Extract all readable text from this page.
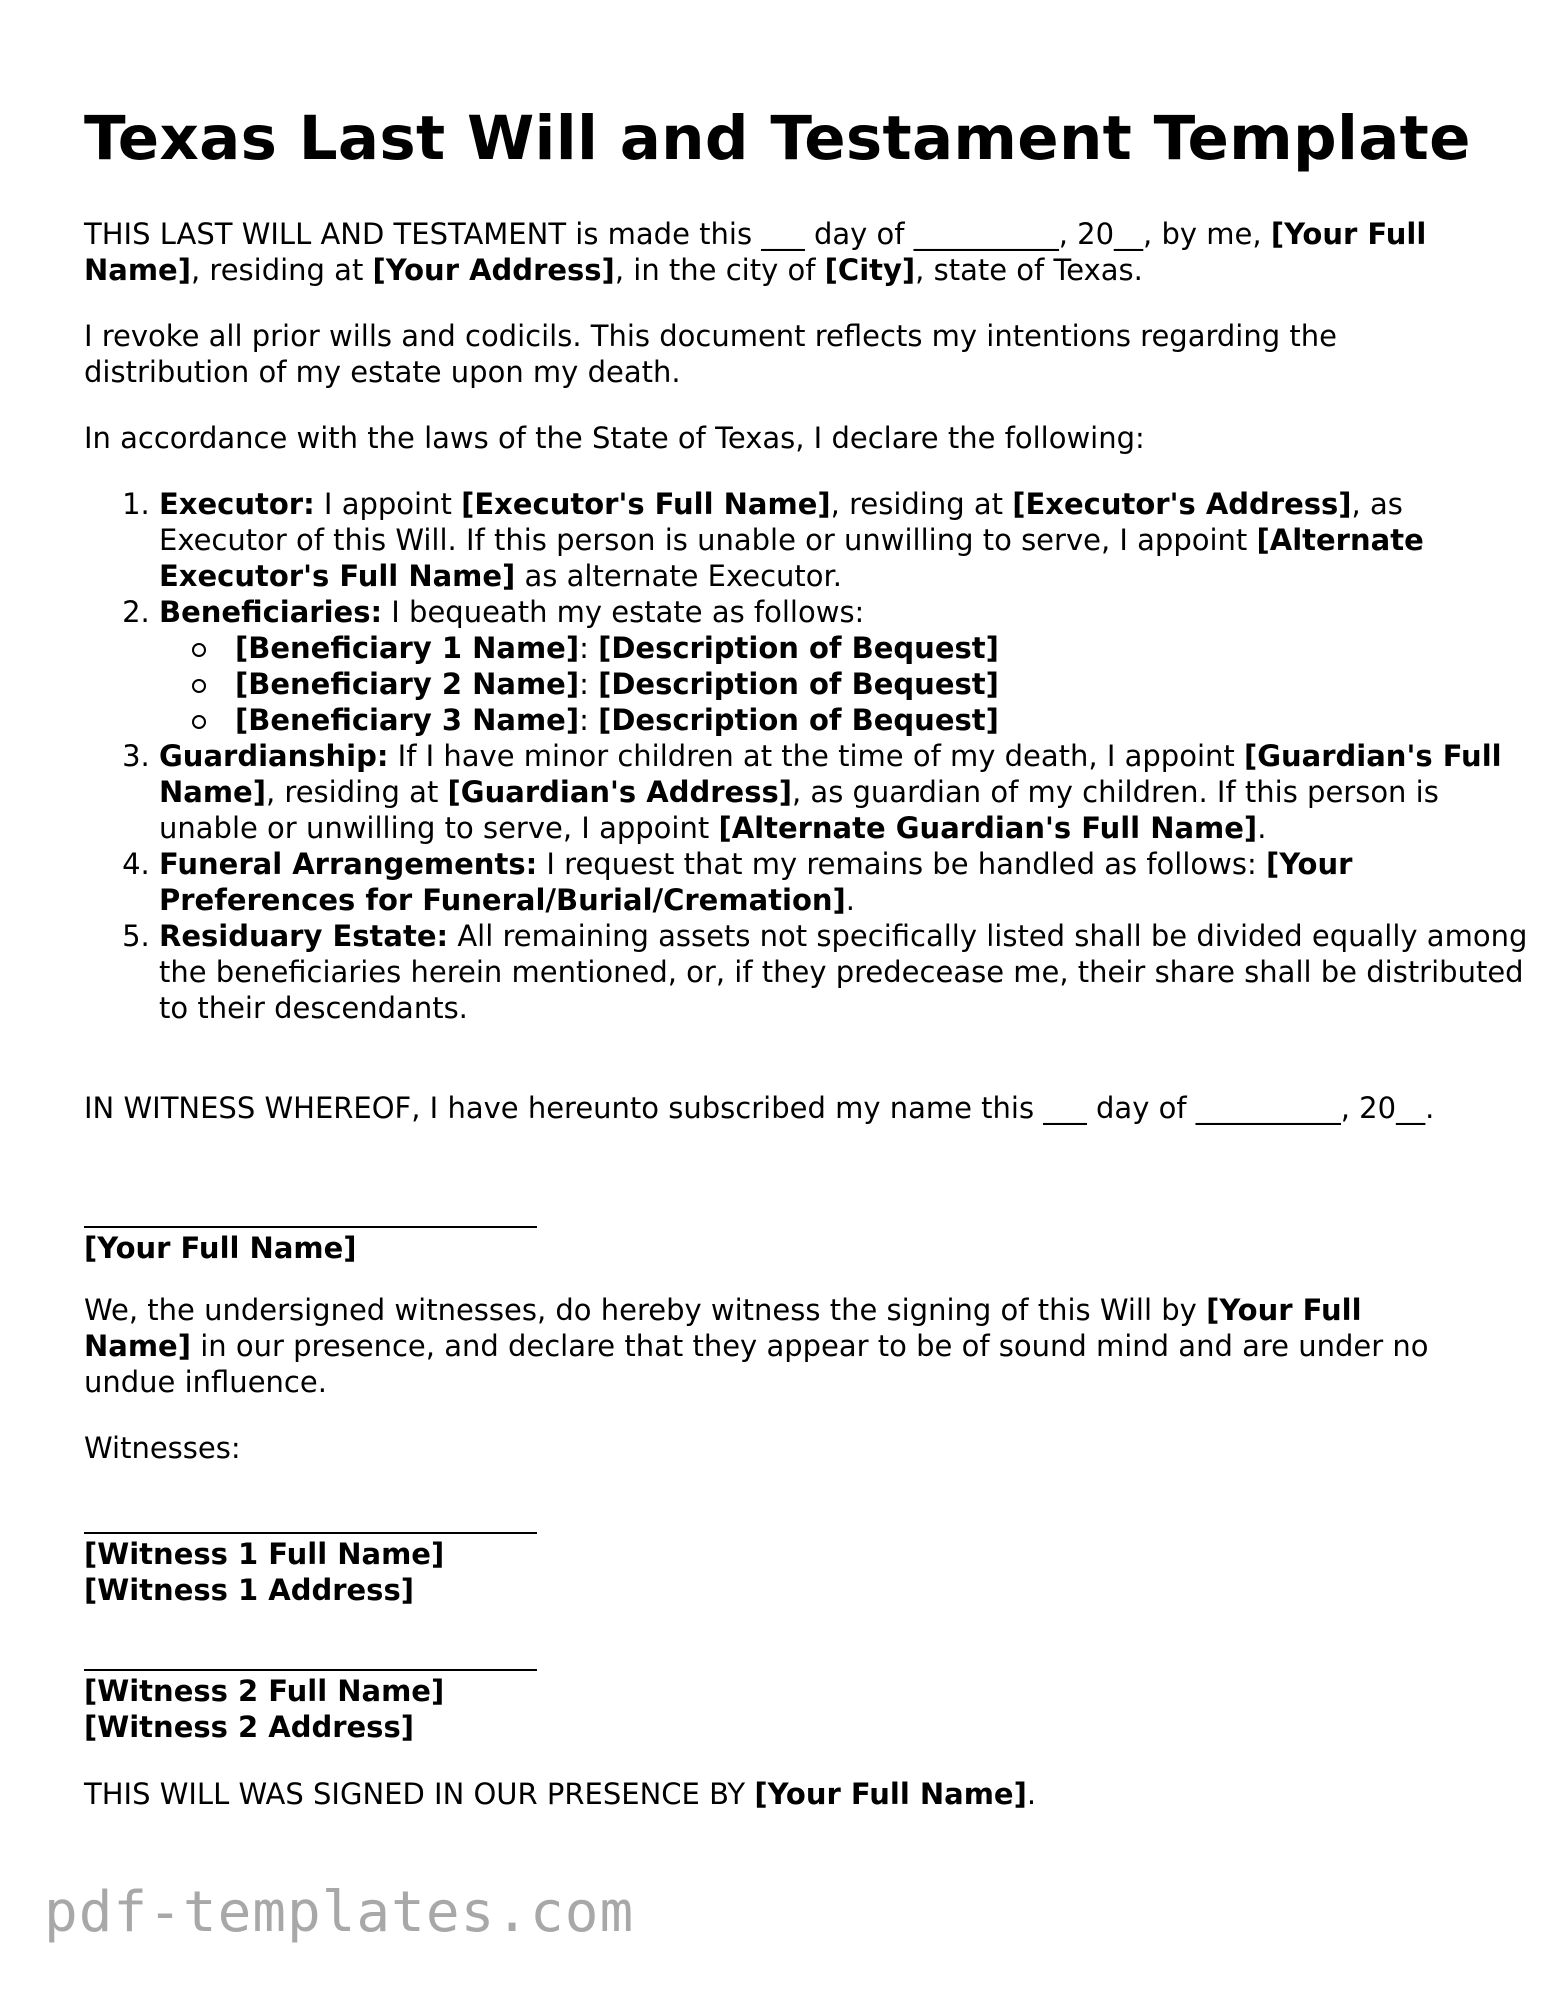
Texas Last Will and Testament Template

THIS LAST WILL AND TESTAMENT is made this ___ day of __________, 20__, by me, [Your Full Name], residing at [Your Address], in the city of [City], state of Texas.

I revoke all prior wills and codicils. This document reflects my intentions regarding the distribution of my estate upon my death.

In accordance with the laws of the State of Texas, I declare the following:

1. Executor: I appoint [Executor's Full Name], residing at [Executor's Address], as Executor of this Will. If this person is unable or unwilling to serve, I appoint [Alternate Executor's Full Name] as alternate Executor.
2. Beneficiaries: I bequeath my estate as follows:
[Beneficiary 1 Name]: [Description of Bequest]
[Beneficiary 2 Name]: [Description of Bequest]
[Beneficiary 3 Name]: [Description of Bequest]
3. Guardianship: If I have minor children at the time of my death, I appoint [Guardian's Full Name], residing at [Guardian's Address], as guardian of my children. If this person is unable or unwilling to serve, I appoint [Alternate Guardian's Full Name].
4. Funeral Arrangements: I request that my remains be handled as follows: [Your Preferences for Funeral/Burial/Cremation].
5. Residuary Estate: All remaining assets not specifically listed shall be divided equally among the beneficiaries herein mentioned, or, if they predecease me, their share shall be distributed to their descendants.

IN WITNESS WHEREOF, I have hereunto subscribed my name this ___ day of __________, 20__.

[Your Full Name]

We, the undersigned witnesses, do hereby witness the signing of this Will by [Your Full Name] in our presence, and declare that they appear to be of sound mind and are under no undue influence.

Witnesses:

[Witness 1 Full Name]

[Witness 1 Address]

[Witness 2 Full Name]

[Witness 2 Address]

THIS WILL WAS SIGNED IN OUR PRESENCE BY [Your Full Name].

pdf-templates.com
